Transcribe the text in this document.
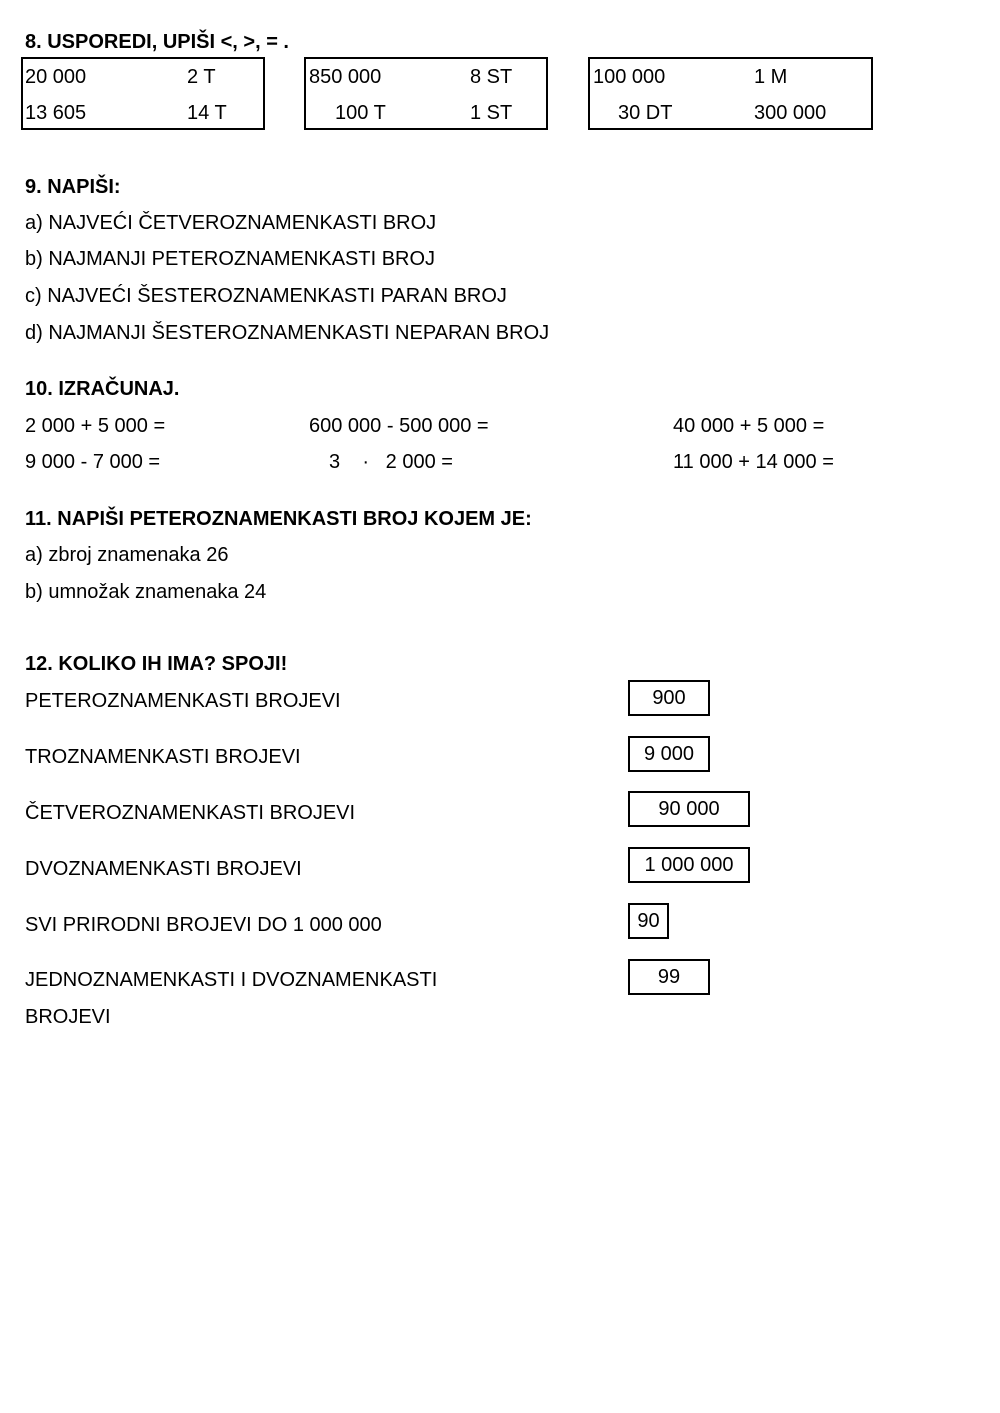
8. USPOREDI, UPIŠI <, >, = .
20 000	2 T
13 605	14 T
850 000	8 ST
100 T	1 ST
100 000	1 M
30 DT	300 000
9. NAPIŠI:
a) NAJVEĆI ČETVEROZNAMENKASTI BROJ
b) NAJMANJI PETEROZNAMENKASTI BROJ
c) NAJVEĆI ŠESTEROZNAMENKASTI PARAN BROJ
d) NAJMANJI ŠESTEROZNAMENKASTI NEPARAN BROJ
10. IZRAČUNAJ.
2 000 + 5 000 =	600 000 - 500 000 =	40 000 + 5 000 =
9 000 - 7 000 =	3    ·   2 000 =	11 000 + 14 000 =
11. NAPIŠI PETEROZNAMENKASTI BROJ KOJEM JE:
a) zbroj znamenaka 26
b) umnožak znamenaka 24
12. KOLIKO IH IMA? SPOJI!
PETEROZNAMENKASTI BROJEVI
TROZNAMENKASTI BROJEVI
ČETVEROZNAMENKASTI BROJEVI
DVOZNAMENKASTI BROJEVI
SVI PRIRODNI BROJEVI DO 1 000 000
JEDNOZNAMENKASTI I DVOZNAMENKASTI
BROJEVI
900
9 000
90 000
1 000 000
90
99
